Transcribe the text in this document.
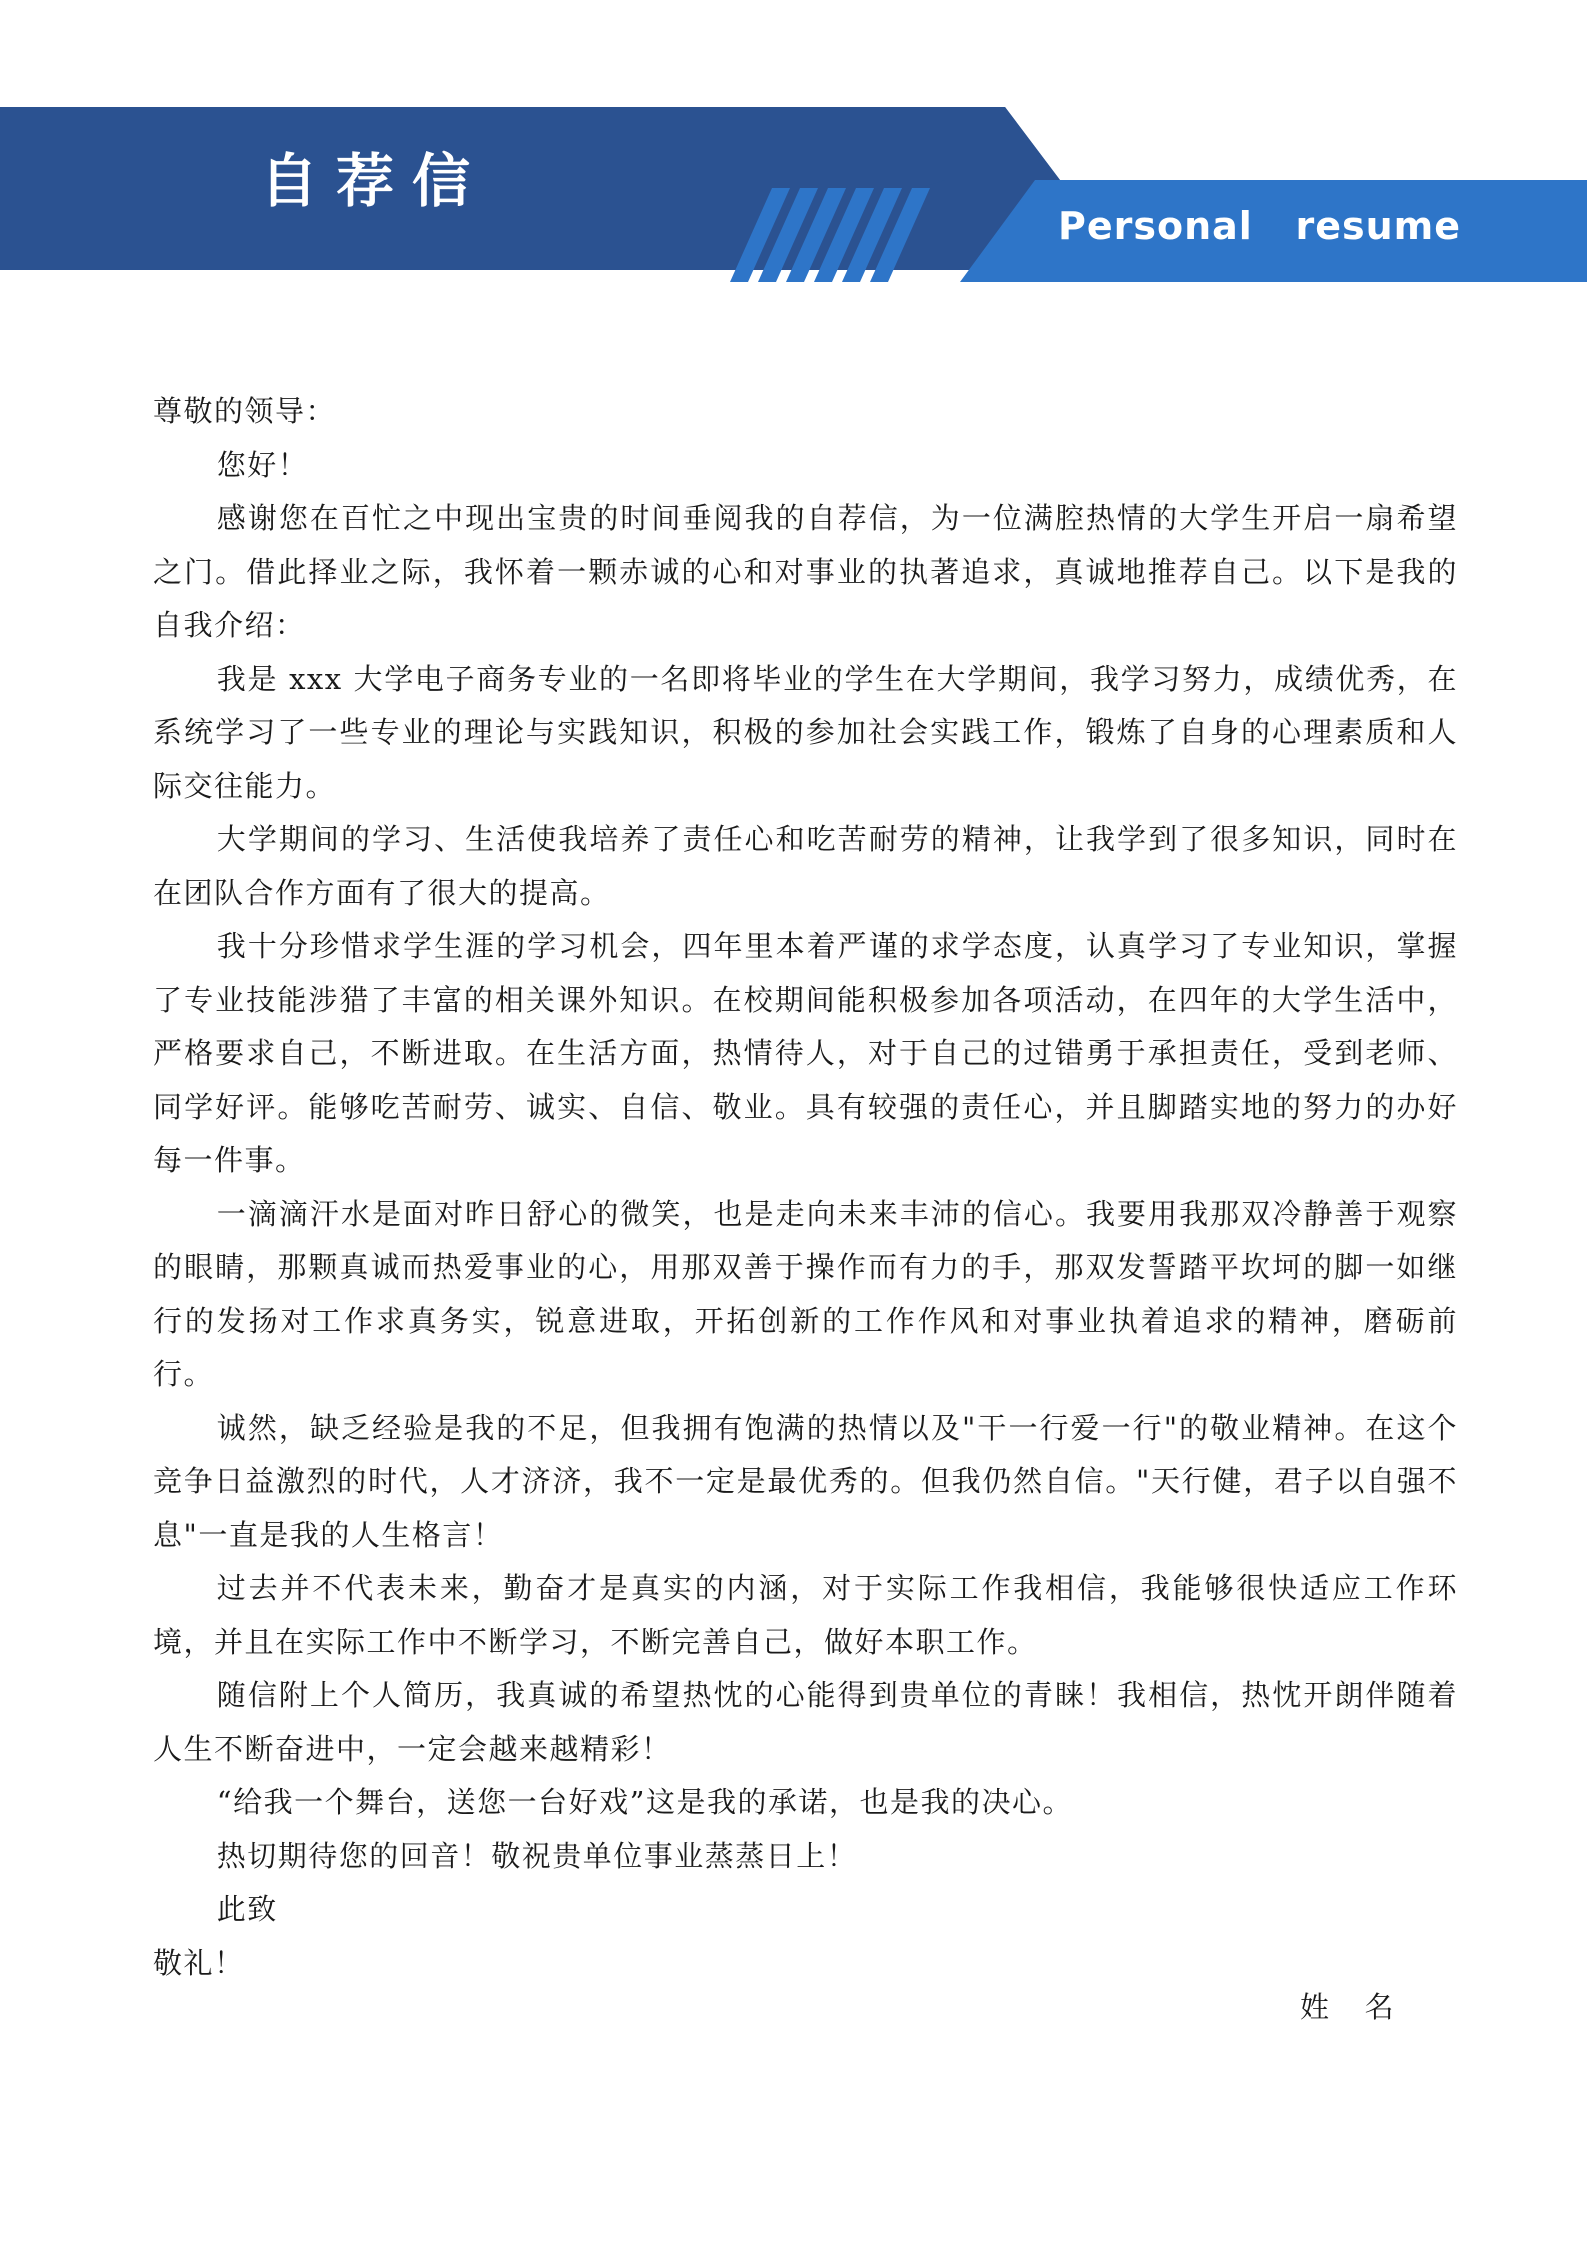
自荐信
Personal   resume

尊敬的领导：

您好！

感谢您在百忙之中现出宝贵的时间垂阅我的自荐信，为一位满腔热情的大学生开启一扇希望之门。借此择业之际，我怀着一颗赤诚的心和对事业的执著追求，真诚地推荐自己。以下是我的自我介绍：

我是 xxx 大学电子商务专业的一名即将毕业的学生在大学期间，我学习努力，成绩优秀，在系统学习了一些专业的理论与实践知识，积极的参加社会实践工作，锻炼了自身的心理素质和人际交往能力。

大学期间的学习、生活使我培养了责任心和吃苦耐劳的精神，让我学到了很多知识，同时在在团队合作方面有了很大的提高。

我十分珍惜求学生涯的学习机会，四年里本着严谨的求学态度，认真学习了专业知识，掌握了专业技能涉猎了丰富的相关课外知识。在校期间能积极参加各项活动，在四年的大学生活中，严格要求自己，不断进取。在生活方面，热情待人，对于自己的过错勇于承担责任，受到老师、同学好评。能够吃苦耐劳、诚实、自信、敬业。具有较强的责任心，并且脚踏实地的努力的办好每一件事。

一滴滴汗水是面对昨日舒心的微笑，也是走向未来丰沛的信心。我要用我那双冷静善于观察的眼睛，那颗真诚而热爱事业的心，用那双善于操作而有力的手，那双发誓踏平坎坷的脚一如继行的发扬对工作求真务实，锐意进取，开拓创新的工作作风和对事业执着追求的精神，磨砺前行。

诚然，缺乏经验是我的不足，但我拥有饱满的热情以及"干一行爱一行"的敬业精神。在这个竞争日益激烈的时代，人才济济，我不一定是最优秀的。但我仍然自信。"天行健，君子以自强不息"一直是我的人生格言！

过去并不代表未来，勤奋才是真实的内涵，对于实际工作我相信，我能够很快适应工作环境，并且在实际工作中不断学习，不断完善自己，做好本职工作。

随信附上个人简历，我真诚的希望热忱的心能得到贵单位的青睐！我相信，热忱开朗伴随着人生不断奋进中，一定会越来越精彩！

“给我一个舞台，送您一台好戏”这是我的承诺，也是我的决心。

热切期待您的回音！敬祝贵单位事业蒸蒸日上！

此致

敬礼！

姓   名
